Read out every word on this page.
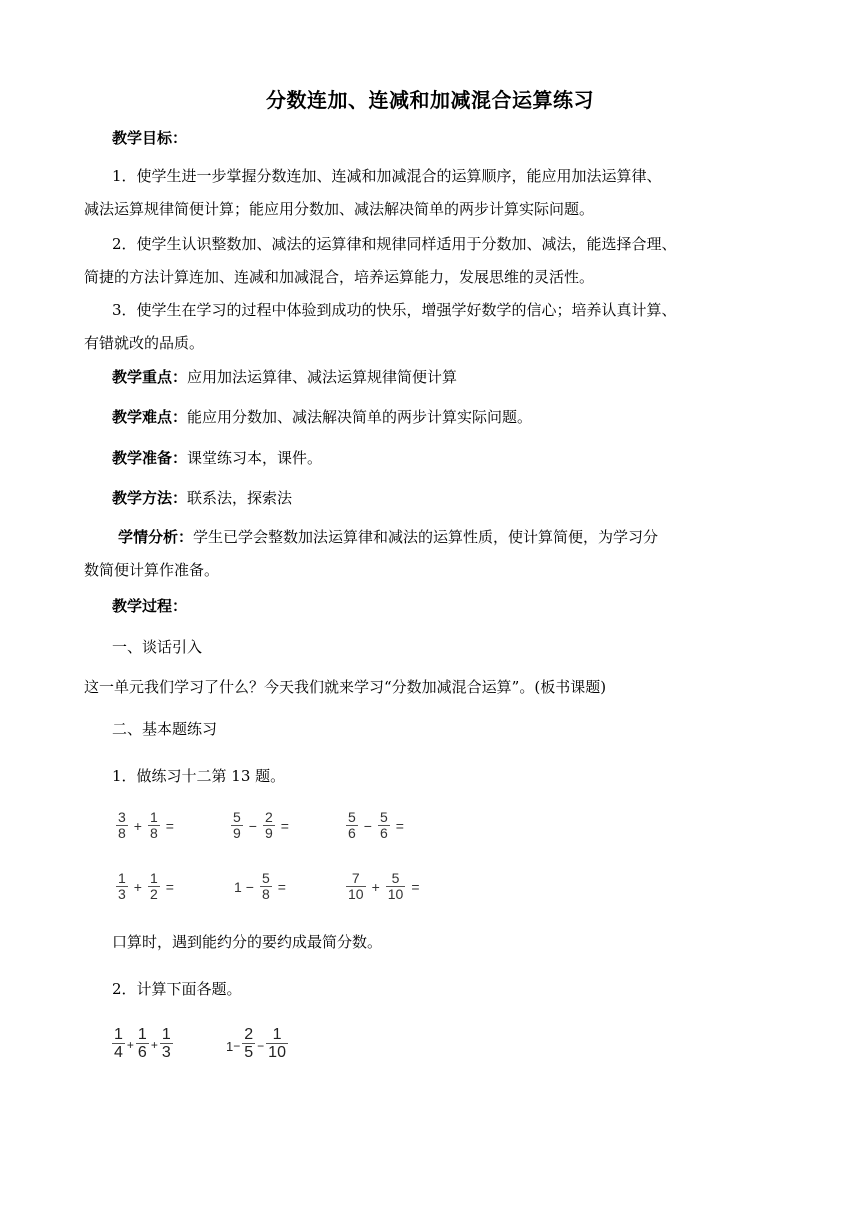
分数连加、连减和加减混合运算练习
教学目标：
1．使学生进一步掌握分数连加、连减和加减混合的运算顺序，能应用加法运算律、
减法运算规律简便计算；能应用分数加、减法解决简单的两步计算实际问题。
2．使学生认识整数加、减法的运算律和规律同样适用于分数加、减法，能选择合理、
简捷的方法计算连加、连减和加减混合，培养运算能力，发展思维的灵活性。
3．使学生在学习的过程中体验到成功的快乐，增强学好数学的信心；培养认真计算、
有错就改的品质。
教学重点：应用加法运算律、减法运算规律简便计算
教学难点：能应用分数加、减法解决简单的两步计算实际问题。
教学准备：课堂练习本，课件。
教学方法：联系法，探索法
学情分析：学生已学会整数加法运算律和减法的运算性质，使计算简便，为学习分
数简便计算作准备。
教学过程：
一、谈话引入
这一单元我们学习了什么？今天我们就来学习“分数加减混合运算”。(板书课题)
二、基本题练习
1．做练习十二第 13 题。
$\frac{3}{8} + \frac{1}{8}$ =	$\frac{5}{9} - \frac{2}{9}$ =	$\frac{5}{6} - \frac{5}{6}$ =
$\frac{1}{3} + \frac{1}{2}$ =	$1 - \frac{5}{8}$ =	$\frac{7}{10} + \frac{5}{10}$ =
口算时，遇到能约分的要约成最简分数。
2．计算下面各题。
$\frac{1}{4} _+ \frac{1}{6} _+ \frac{1}{3}$	$_{1-} \frac{2}{5} _- \frac{1}{10}$
